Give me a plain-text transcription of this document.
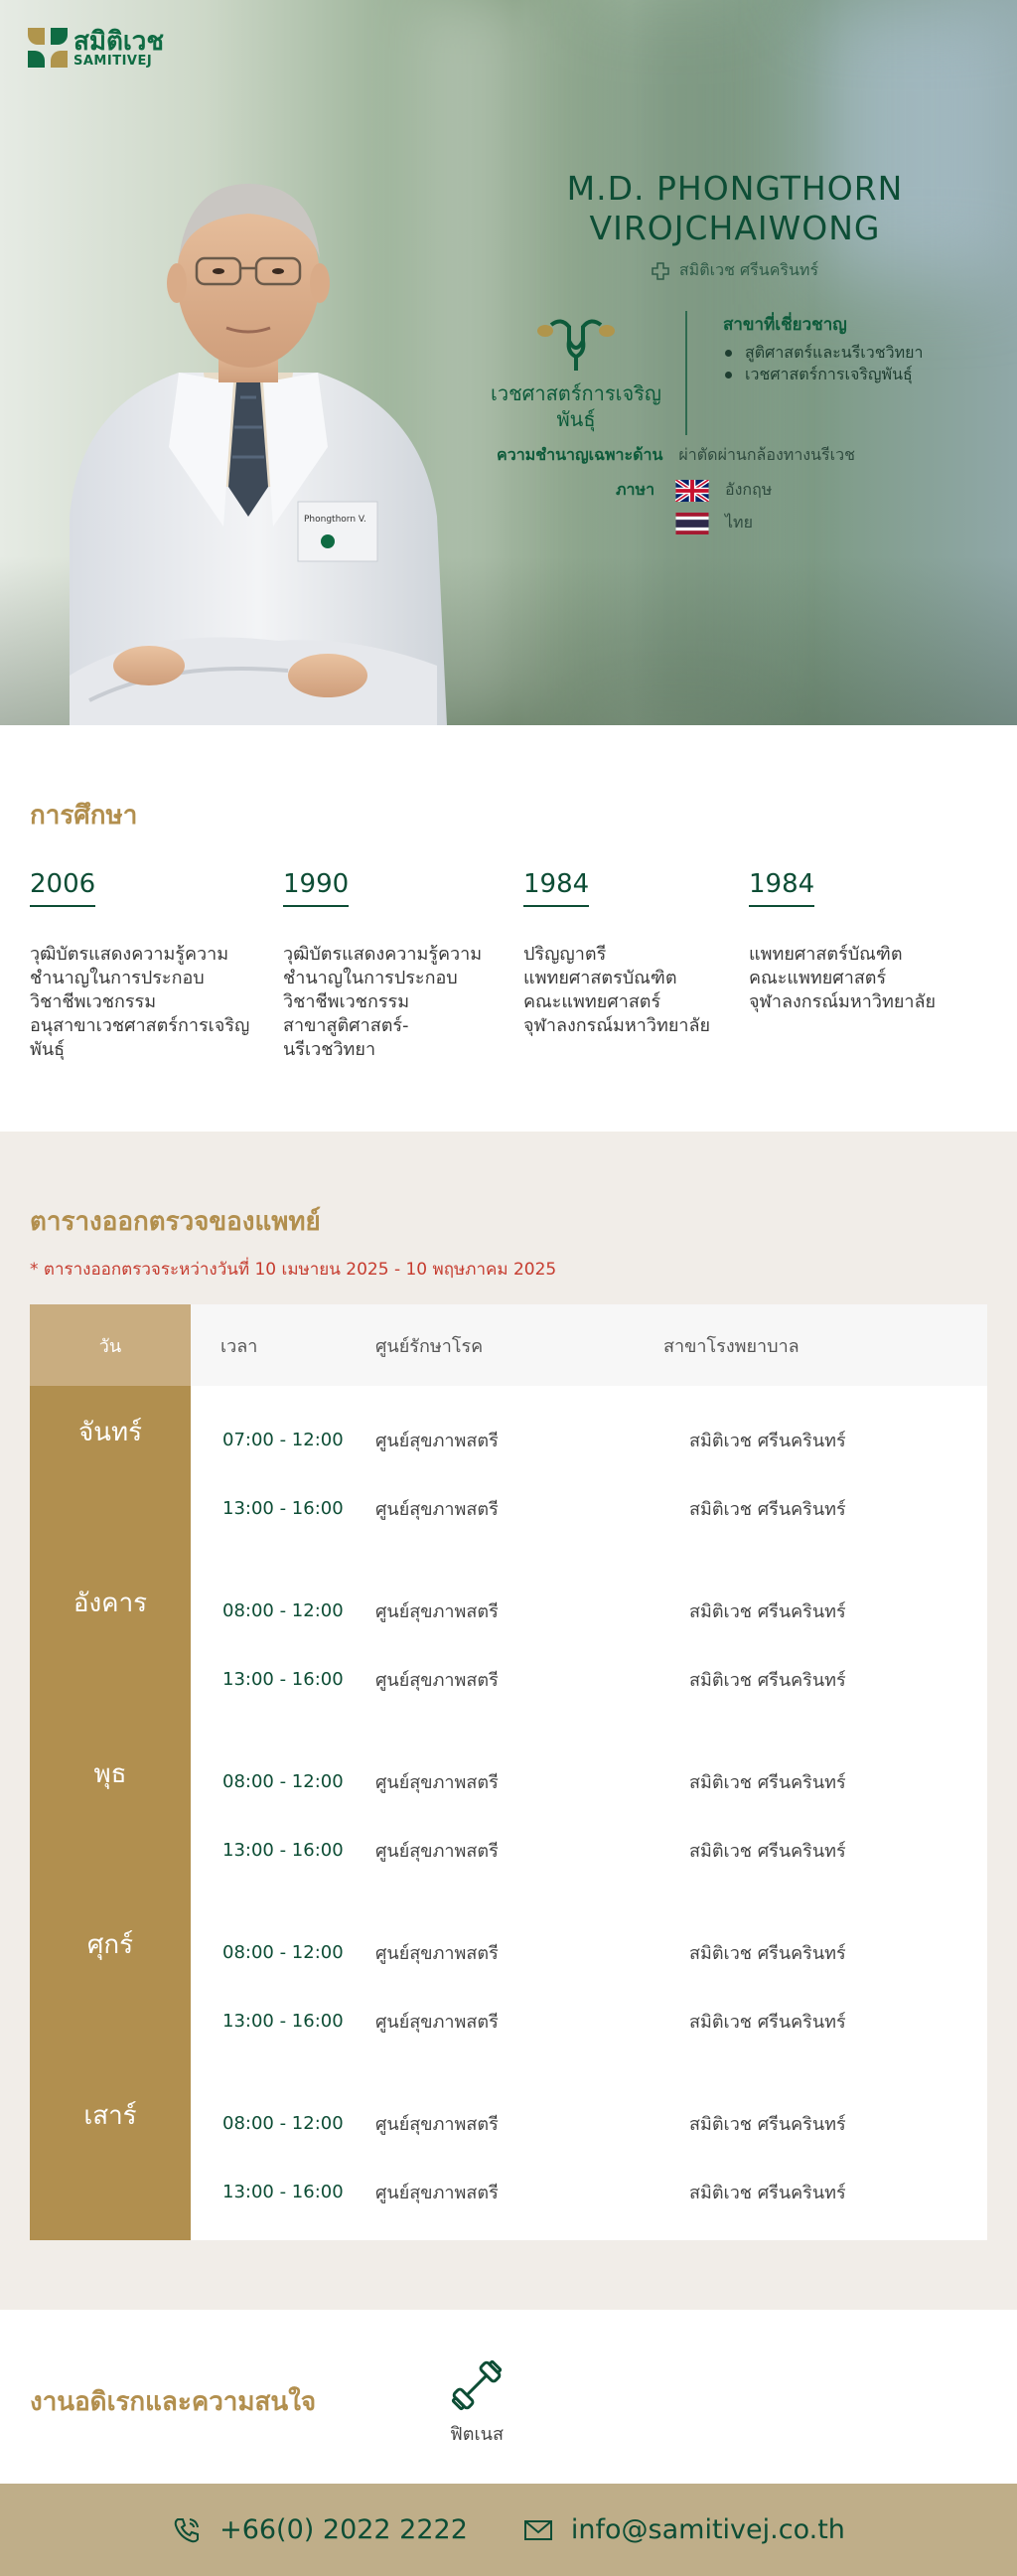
สมิติเวช
SAMITIVEJ
Phongthorn V.
M.D. PHONGTHORN
VIROJCHAIWONG
สมิติเวช ศรีนครินทร์
เวชศาสตร์การเจริญพันธุ์
สาขาที่เชี่ยวชาญ
สูติศาสตร์และนรีเวชวิทยา
เวชศาสตร์การเจริญพันธุ์
ความชำนาญเฉพาะด้าน ผ่าตัดผ่านกล้องทางนรีเวช
ภาษา	อังกฤษ
ไทย
การศึกษา
2006
วุฒิบัตรแสดงความรู้ความ
ชำนาญในการประกอบ
วิชาชีพเวชกรรม
อนุสาขาเวชศาสตร์การเจริญ
พันธุ์
1990
วุฒิบัตรแสดงความรู้ความ
ชำนาญในการประกอบ
วิชาชีพเวชกรรม
สาขาสูติศาสตร์-
นรีเวชวิทยา
1984
ปริญญาตรี
แพทยศาสตรบัณฑิต
คณะแพทยศาสตร์
จุฬาลงกรณ์มหาวิทยาลัย
1984
แพทยศาสตร์บัณฑิต
คณะแพทยศาสตร์
จุฬาลงกรณ์มหาวิทยาลัย
ตารางออกตรวจของแพทย์
* ตารางออกตรวจระหว่างวันที่ 10 เมษายน 2025 - 10 พฤษภาคม 2025
วัน	เวลา	ศูนย์รักษาโรค	สาขาโรงพยาบาล
จันทร์	07:00 - 12:00	ศูนย์สุขภาพสตรี	สมิติเวช ศรีนครินทร์
13:00 - 16:00	ศูนย์สุขภาพสตรี	สมิติเวช ศรีนครินทร์
อังคาร	08:00 - 12:00	ศูนย์สุขภาพสตรี	สมิติเวช ศรีนครินทร์
13:00 - 16:00	ศูนย์สุขภาพสตรี	สมิติเวช ศรีนครินทร์
พุธ	08:00 - 12:00	ศูนย์สุขภาพสตรี	สมิติเวช ศรีนครินทร์
13:00 - 16:00	ศูนย์สุขภาพสตรี	สมิติเวช ศรีนครินทร์
ศุกร์	08:00 - 12:00	ศูนย์สุขภาพสตรี	สมิติเวช ศรีนครินทร์
13:00 - 16:00	ศูนย์สุขภาพสตรี	สมิติเวช ศรีนครินทร์
เสาร์	08:00 - 12:00	ศูนย์สุขภาพสตรี	สมิติเวช ศรีนครินทร์
13:00 - 16:00	ศูนย์สุขภาพสตรี	สมิติเวช ศรีนครินทร์
งานอดิเรกและความสนใจ
ฟิตเนส
+66(0) 2022 2222	info@samitivej.co.th
